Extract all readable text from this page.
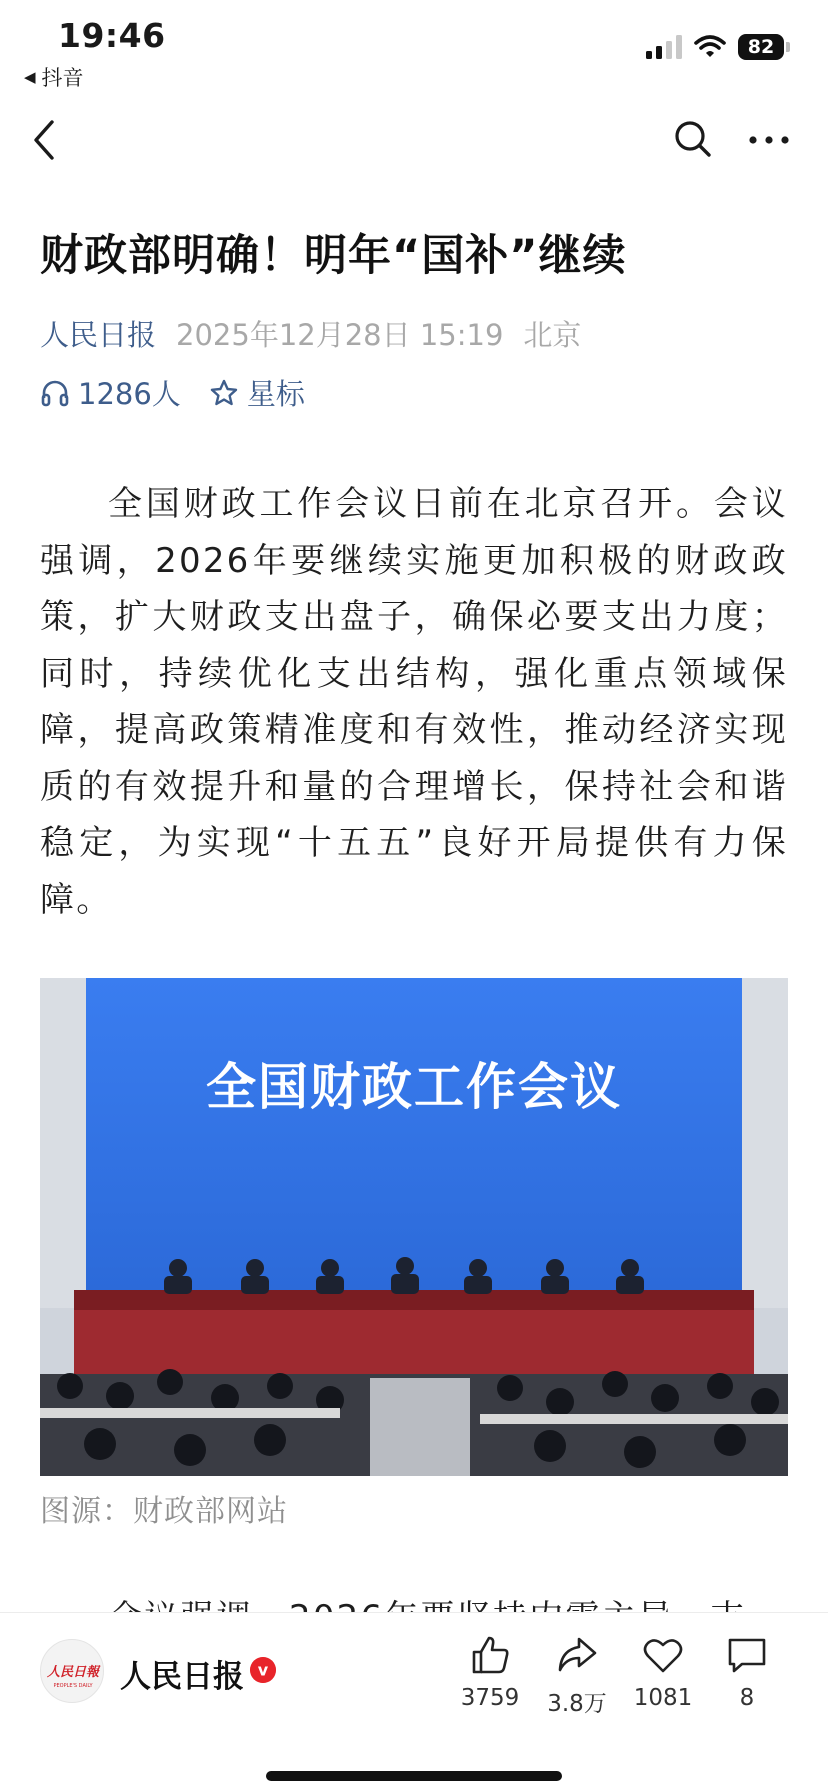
19:46
◀ 抖音
82
财政部明确！明年“国补”继续
人民日报 2025年12月28日 15:19 北京
1286人 星标

全国财政工作会议日前在北京召开。会议强调，2026年要继续实施更加积极的财政政策，扩大财政支出盘子，确保必要支出力度；同时，持续优化支出结构，强化重点领域保障，提高政策精准度和有效性，推动经济实现质的有效提升和量的合理增长，保持社会和谐稳定，为实现“十五五”良好开局提供有力保障。

全国财政工作会议
图源：财政部网站
人民日報
PEOPLE'S DAILY 人民日报 v
3759	3.8万	1081	8
